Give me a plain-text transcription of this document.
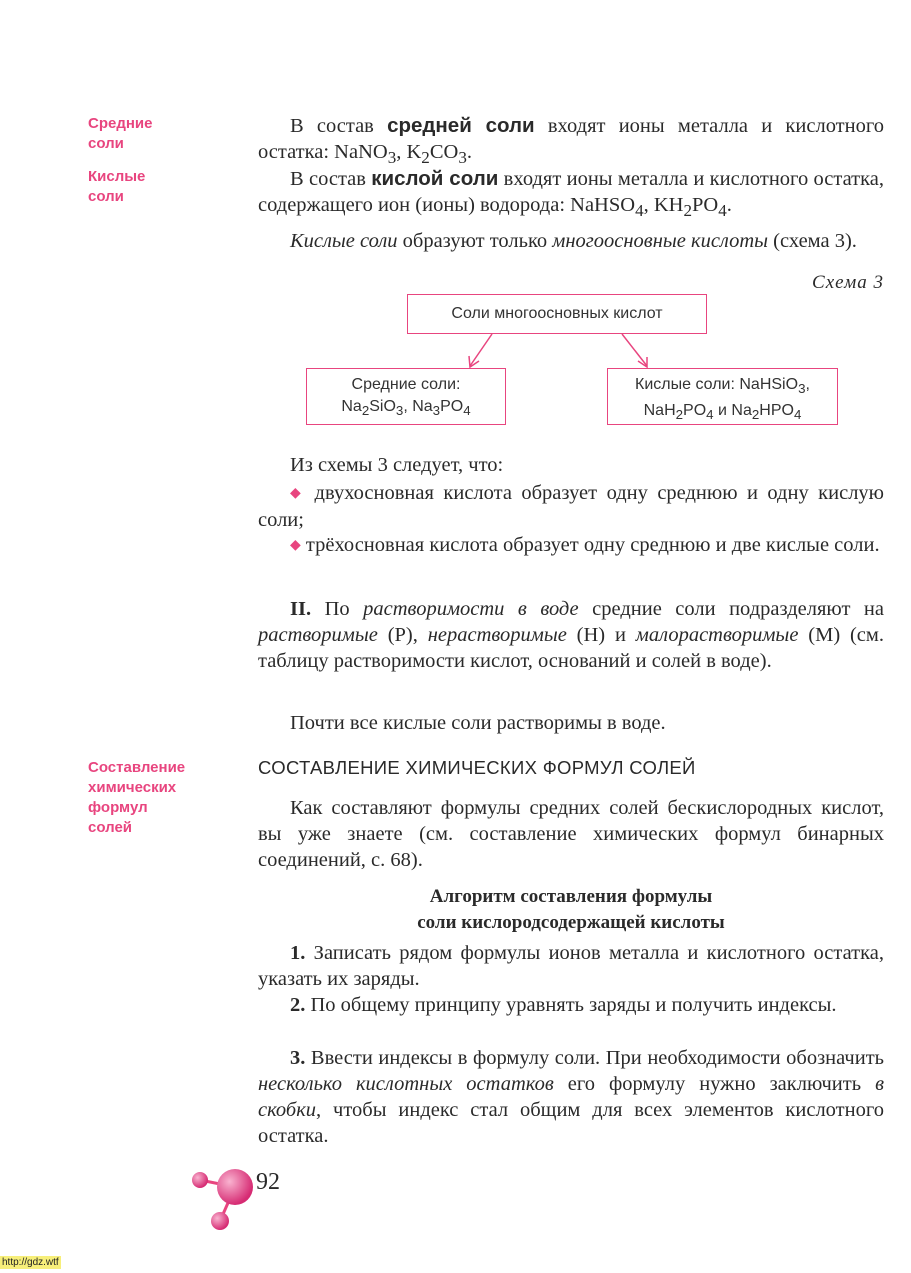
Средние
соли
Кислые
соли
Составление
химических
формул
солей

В состав средней соли входят ионы металла и кислотного остатка: NaNO$_3$, $K_2CO_3$.

В состав кислой соли входят ионы металла и кислотного остатка, содержащего ион (ионы) водорода: NaHSO$_4$, $KH_2PO_4$.

Кислые соли образуют только многоосновные кислоты (схема 3).

Схема 3
Соли многоосновных кислот
Средние соли:
$Na_2SiO_3$, $Na_3PO_4$
Кислые соли: NaHSiO$_3$,
$NaH_2PO_4$ и $Na_2HPO_4$

Из схемы 3 следует, что:

◆ двухосновная кислота образует одну среднюю и одну кислую соли;

◆ трёхосновная кислота образует одну среднюю и две кислые соли.

II. По растворимости в воде средние соли подразделяют на растворимые (Р), нерастворимые (Н) и малорастворимые (М) (см. таблицу растворимости кислот, оснований и солей в воде).

Почти все кислые соли растворимы в воде.

СОСТАВЛЕНИЕ ХИМИЧЕСКИХ ФОРМУЛ СОЛЕЙ

Как составляют формулы средних солей бескислородных кислот, вы уже знаете (см. составление химических формул бинарных соединений, с. 68).

Алгоритм составления формулы
соли кислородсодержащей кислоты

1. Записать рядом формулы ионов металла и кислотного остатка, указать их заряды.

2. По общему принципу уравнять заряды и получить индексы.

3. Ввести индексы в формулу соли. При необходимости обозначить несколько кислотных остатков его формулу нужно заключить в скобки, чтобы индекс стал общим для всех элементов кислотного остатка.

92
http://gdz.wtf
